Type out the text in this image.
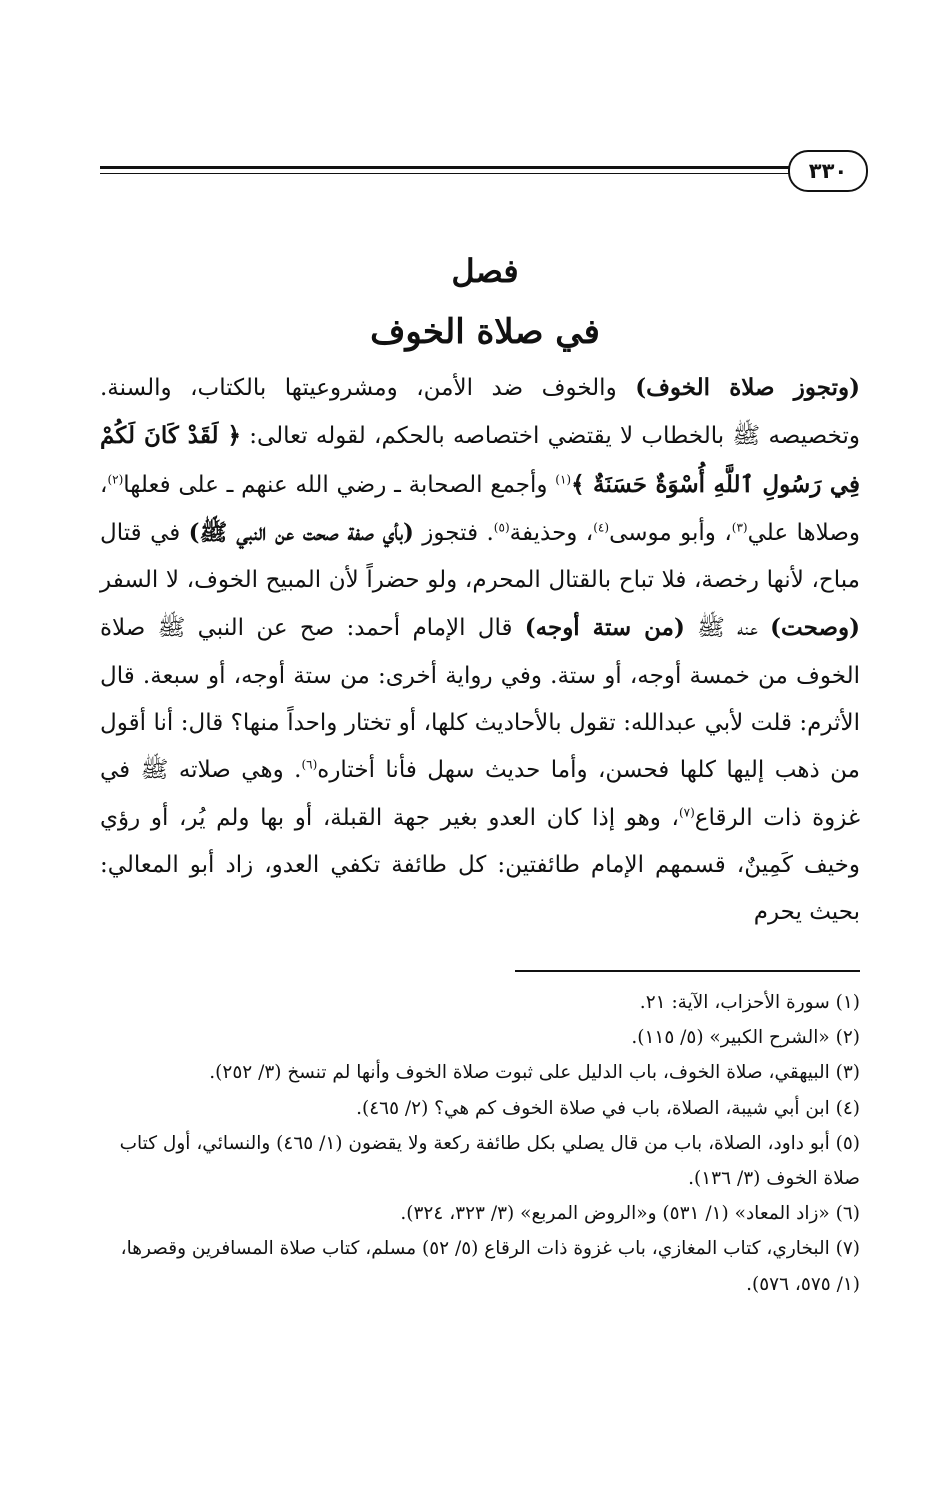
٣٣٠
فصل
في صلاة الخوف

(وتجوز صلاة الخوف) والخوف ضد الأمن، ومشروعيتها بالكتاب، والسنة. وتخصيصه ﷺ بالخطاب لا يقتضي اختصاصه بالحكم، لقوله تعالى: ﴿ لَقَدْ كَانَ لَكُمْ فِي رَسُولِ ٱللَّهِ أُسْوَةٌ حَسَنَةٌ ﴾$^{(١)}$ وأجمع الصحابة ـ رضي الله عنهم ـ على فعلها$^{(٢)}$، وصلاها علي$^{(٣)}$، وأبو موسى$^{(٤)}$، وحذيفة$^{(٥)}$. فتجوز (بأي صفة صحت عن النبي ﷺ) في قتال مباح، لأنها رخصة، فلا تباح بالقتال المحرم، ولو حضراً لأن المبيح الخوف، لا السفر (وصحت) عنه ﷺ (من ستة أوجه) قال الإمام أحمد: صح عن النبي ﷺ صلاة الخوف من خمسة أوجه، أو ستة. وفي رواية أخرى: من ستة أوجه، أو سبعة. قال الأثرم: قلت لأبي عبدالله: تقول بالأحاديث كلها، أو تختار واحداً منها؟ قال: أنا أقول من ذهب إليها كلها فحسن، وأما حديث سهل فأنا أختاره$^{(٦)}$. وهي صلاته ﷺ في غزوة ذات الرقاع$^{(٧)}$، وهو إذا كان العدو بغير جهة القبلة، أو بها ولم يُر، أو رؤي وخيف كَمِينٌ، قسمهم الإمام طائفتين: كل طائفة تكفي العدو، زاد أبو المعالي: بحيث يحرم

(١) سورة الأحزاب، الآية: ٢١.

(٢) «الشرح الكبير» (٥/ ١١٥).

(٣) البيهقي، صلاة الخوف، باب الدليل على ثبوت صلاة الخوف وأنها لم تنسخ (٣/ ٢٥٢).

(٤) ابن أبي شيبة، الصلاة، باب في صلاة الخوف كم هي؟ (٢/ ٤٦٥).

(٥) أبو داود، الصلاة، باب من قال يصلي بكل طائفة ركعة ولا يقضون (١/ ٤٦٥) والنسائي، أول كتاب صلاة الخوف (٣/ ١٣٦).

(٦) «زاد المعاد» (١/ ٥٣١) و«الروض المربع» (٣/ ٣٢٣، ٣٢٤).

(٧) البخاري، كتاب المغازي، باب غزوة ذات الرقاع (٥/ ٥٢) مسلم، كتاب صلاة المسافرين وقصرها، (١/ ٥٧٥، ٥٧٦).
